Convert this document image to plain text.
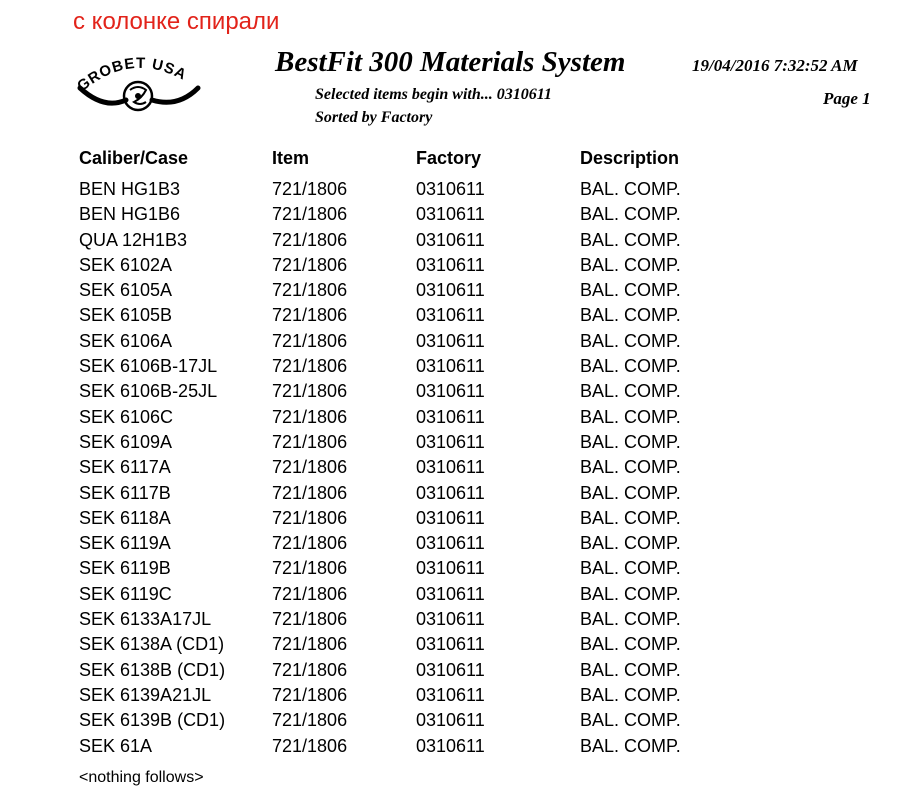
с колонке спирали
GROBET USA	BestFit 300 Materials System	19/04/2016 7:32:52 AM
Page 1
Selected items begin with... 0310611
Sorted by Factory
Caliber/Case	Item	Factory	Description
BEN HG1B3	721/1806	0310611	BAL. COMP.
BEN HG1B6	721/1806	0310611	BAL. COMP.
QUA 12H1B3	721/1806	0310611	BAL. COMP.
SEK 6102A	721/1806	0310611	BAL. COMP.
SEK 6105A	721/1806	0310611	BAL. COMP.
SEK 6105B	721/1806	0310611	BAL. COMP.
SEK 6106A	721/1806	0310611	BAL. COMP.
SEK 6106B-17JL	721/1806	0310611	BAL. COMP.
SEK 6106B-25JL	721/1806	0310611	BAL. COMP.
SEK 6106C	721/1806	0310611	BAL. COMP.
SEK 6109A	721/1806	0310611	BAL. COMP.
SEK 6117A	721/1806	0310611	BAL. COMP.
SEK 6117B	721/1806	0310611	BAL. COMP.
SEK 6118A	721/1806	0310611	BAL. COMP.
SEK 6119A	721/1806	0310611	BAL. COMP.
SEK 6119B	721/1806	0310611	BAL. COMP.
SEK 6119C	721/1806	0310611	BAL. COMP.
SEK 6133A17JL	721/1806	0310611	BAL. COMP.
SEK 6138A (CD1)	721/1806	0310611	BAL. COMP.
SEK 6138B (CD1)	721/1806	0310611	BAL. COMP.
SEK 6139A21JL	721/1806	0310611	BAL. COMP.
SEK 6139B (CD1)	721/1806	0310611	BAL. COMP.
SEK 61A	721/1806	0310611	BAL. COMP.
<nothing follows>
